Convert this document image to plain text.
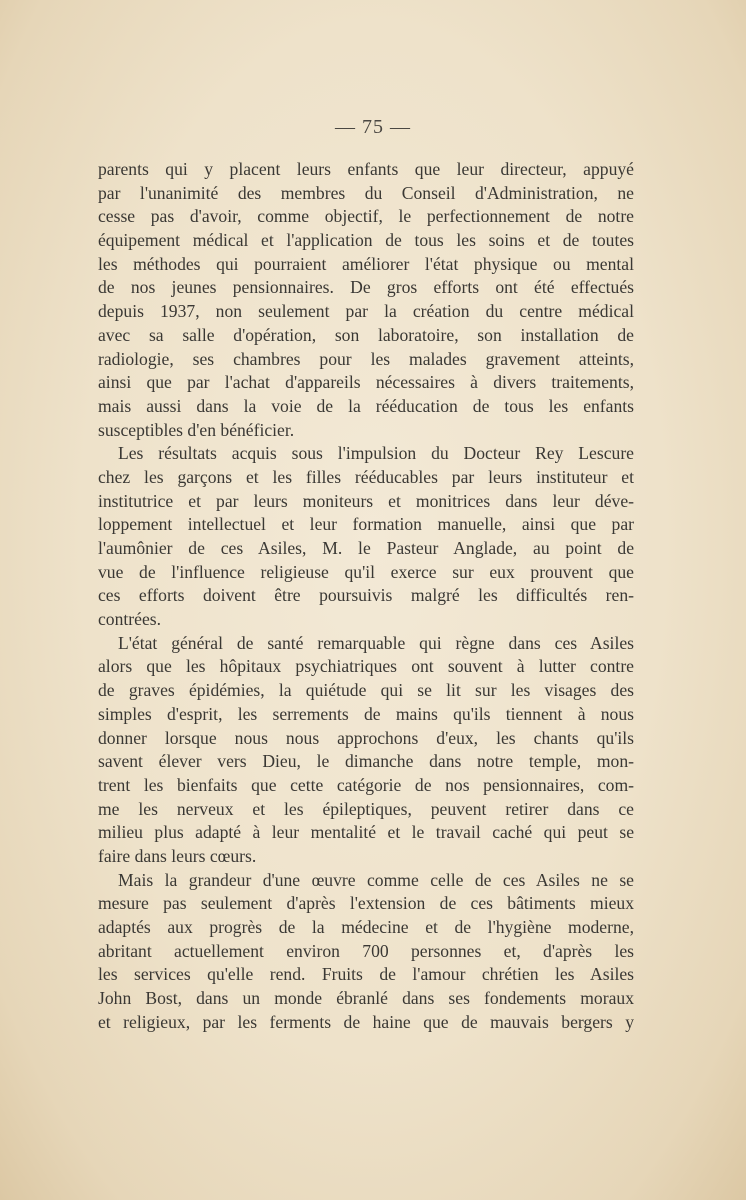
— 75 —

parents qui y placent leurs enfants que leur directeur, appuyé
par l'unanimité des membres du Conseil d'Administration, ne
cesse pas d'avoir, comme objectif, le perfectionnement de notre
équipement médical et l'application de tous les soins et de toutes
les méthodes qui pourraient améliorer l'état physique ou mental
de nos jeunes pensionnaires. De gros efforts ont été effectués
depuis 1937, non seulement par la création du centre médical
avec sa salle d'opération, son laboratoire, son installation de
radiologie, ses chambres pour les malades gravement atteints,
ainsi que par l'achat d'appareils nécessaires à divers traitements,
mais aussi dans la voie de la rééducation de tous les enfants
susceptibles d'en bénéficier.

Les résultats acquis sous l'impulsion du Docteur Rey Lescure
chez les garçons et les filles rééducables par leurs instituteur et
institutrice et par leurs moniteurs et monitrices dans leur déve-
loppement intellectuel et leur formation manuelle, ainsi que par
l'aumônier de ces Asiles, M. le Pasteur Anglade, au point de
vue de l'influence religieuse qu'il exerce sur eux prouvent que
ces efforts doivent être poursuivis malgré les difficultés ren-
contrées.

L'état général de santé remarquable qui règne dans ces Asiles
alors que les hôpitaux psychiatriques ont souvent à lutter contre
de graves épidémies, la quiétude qui se lit sur les visages des
simples d'esprit, les serrements de mains qu'ils tiennent à nous
donner lorsque nous nous approchons d'eux, les chants qu'ils
savent élever vers Dieu, le dimanche dans notre temple, mon-
trent les bienfaits que cette catégorie de nos pensionnaires, com-
me les nerveux et les épileptiques, peuvent retirer dans ce
milieu plus adapté à leur mentalité et le travail caché qui peut se
faire dans leurs cœurs.

Mais la grandeur d'une œuvre comme celle de ces Asiles ne se
mesure pas seulement d'après l'extension de ces bâtiments mieux
adaptés aux progrès de la médecine et de l'hygiène moderne,
abritant actuellement environ 700 personnes et, d'après les
les services qu'elle rend. Fruits de l'amour chrétien les Asiles
John Bost, dans un monde ébranlé dans ses fondements moraux
et religieux, par les ferments de haine que de mauvais bergers y
